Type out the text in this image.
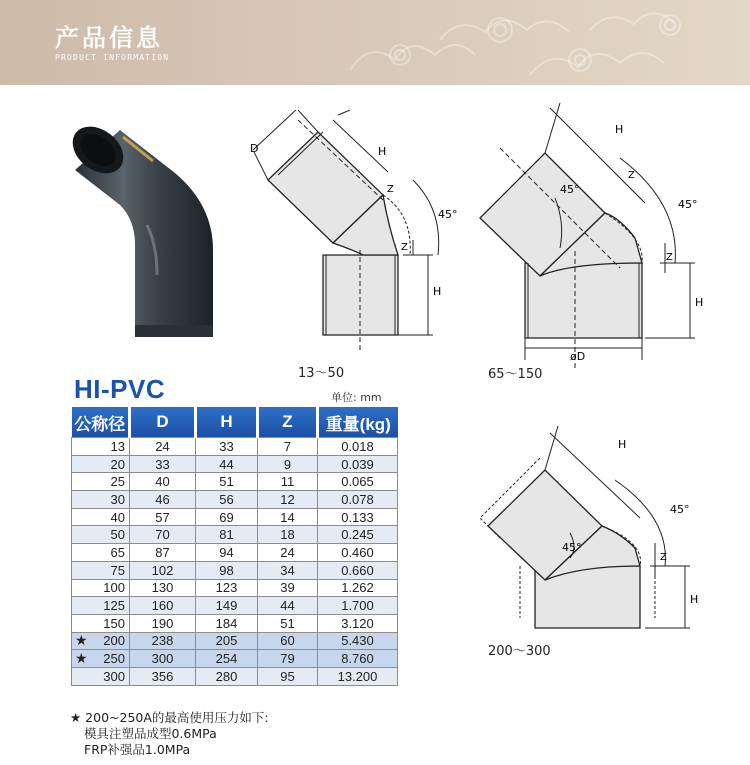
产品信息
PRODUCT INFORMATION
D	H
Z
45°
Z
H
13～50
45°
H
Z
45°
Z
H
øD
65～150
45°
H
45°
Z
H
200～300
HI-PVC	单位: mm
公称径	D	H	Z	重量(kg)

13	24	33	7	0.018

20	33	44	9	0.039

25	40	51	11	0.065

30	46	56	12	0.078

40	57	69	14	0.133

50	70	81	18	0.245

65	87	94	24	0.460

75	102	98	34	0.660

100	130	123	39	1.262

125	160	149	44	1.700

150	190	184	51	3.120

★ 200	238	205	60	5.430

★ 250	300	254	79	8.760

300	356	280	95	13.200
★ 200~250A的最高使用压力如下:
模具注塑品成型0.6MPa
FRP补强品1.0MPa
